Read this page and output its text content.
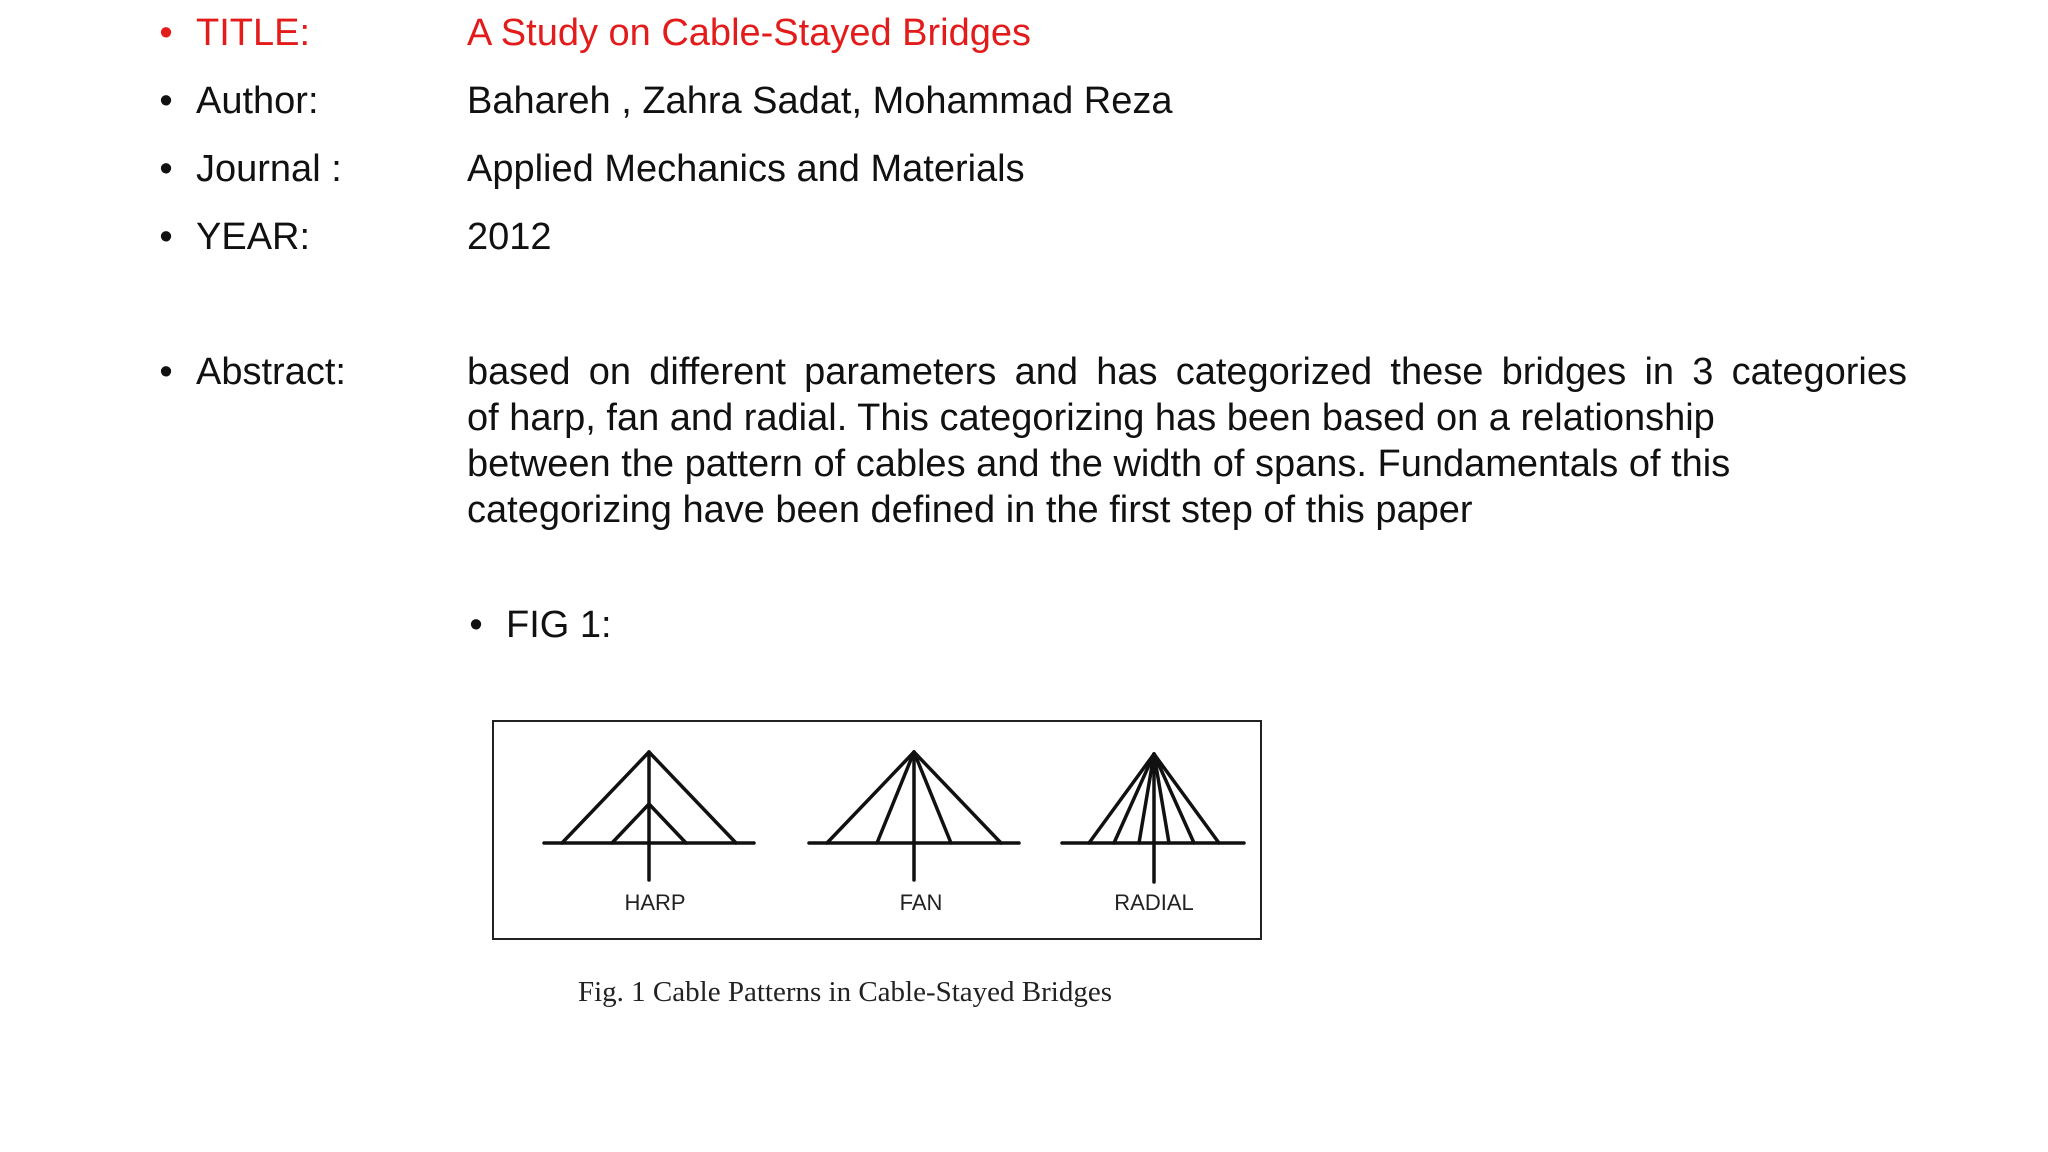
• TITLE:	A Study on Cable-Stayed Bridges
• Author:	Bahareh , Zahra Sadat, Mohammad Reza
• Journal :	Applied Mechanics and Materials
• YEAR:	2012
• Abstract:	based on different parameters and has categorized these bridges in 3 categories

of harp, fan and radial. This categorizing has been based on a relationship

between the pattern of cables and the width of spans. Fundamentals of this

categorizing have been defined in the first step of this paper

• FIG 1:
HARP	FAN	RADIAL
Fig. 1 Cable Patterns in Cable-Stayed Bridges
